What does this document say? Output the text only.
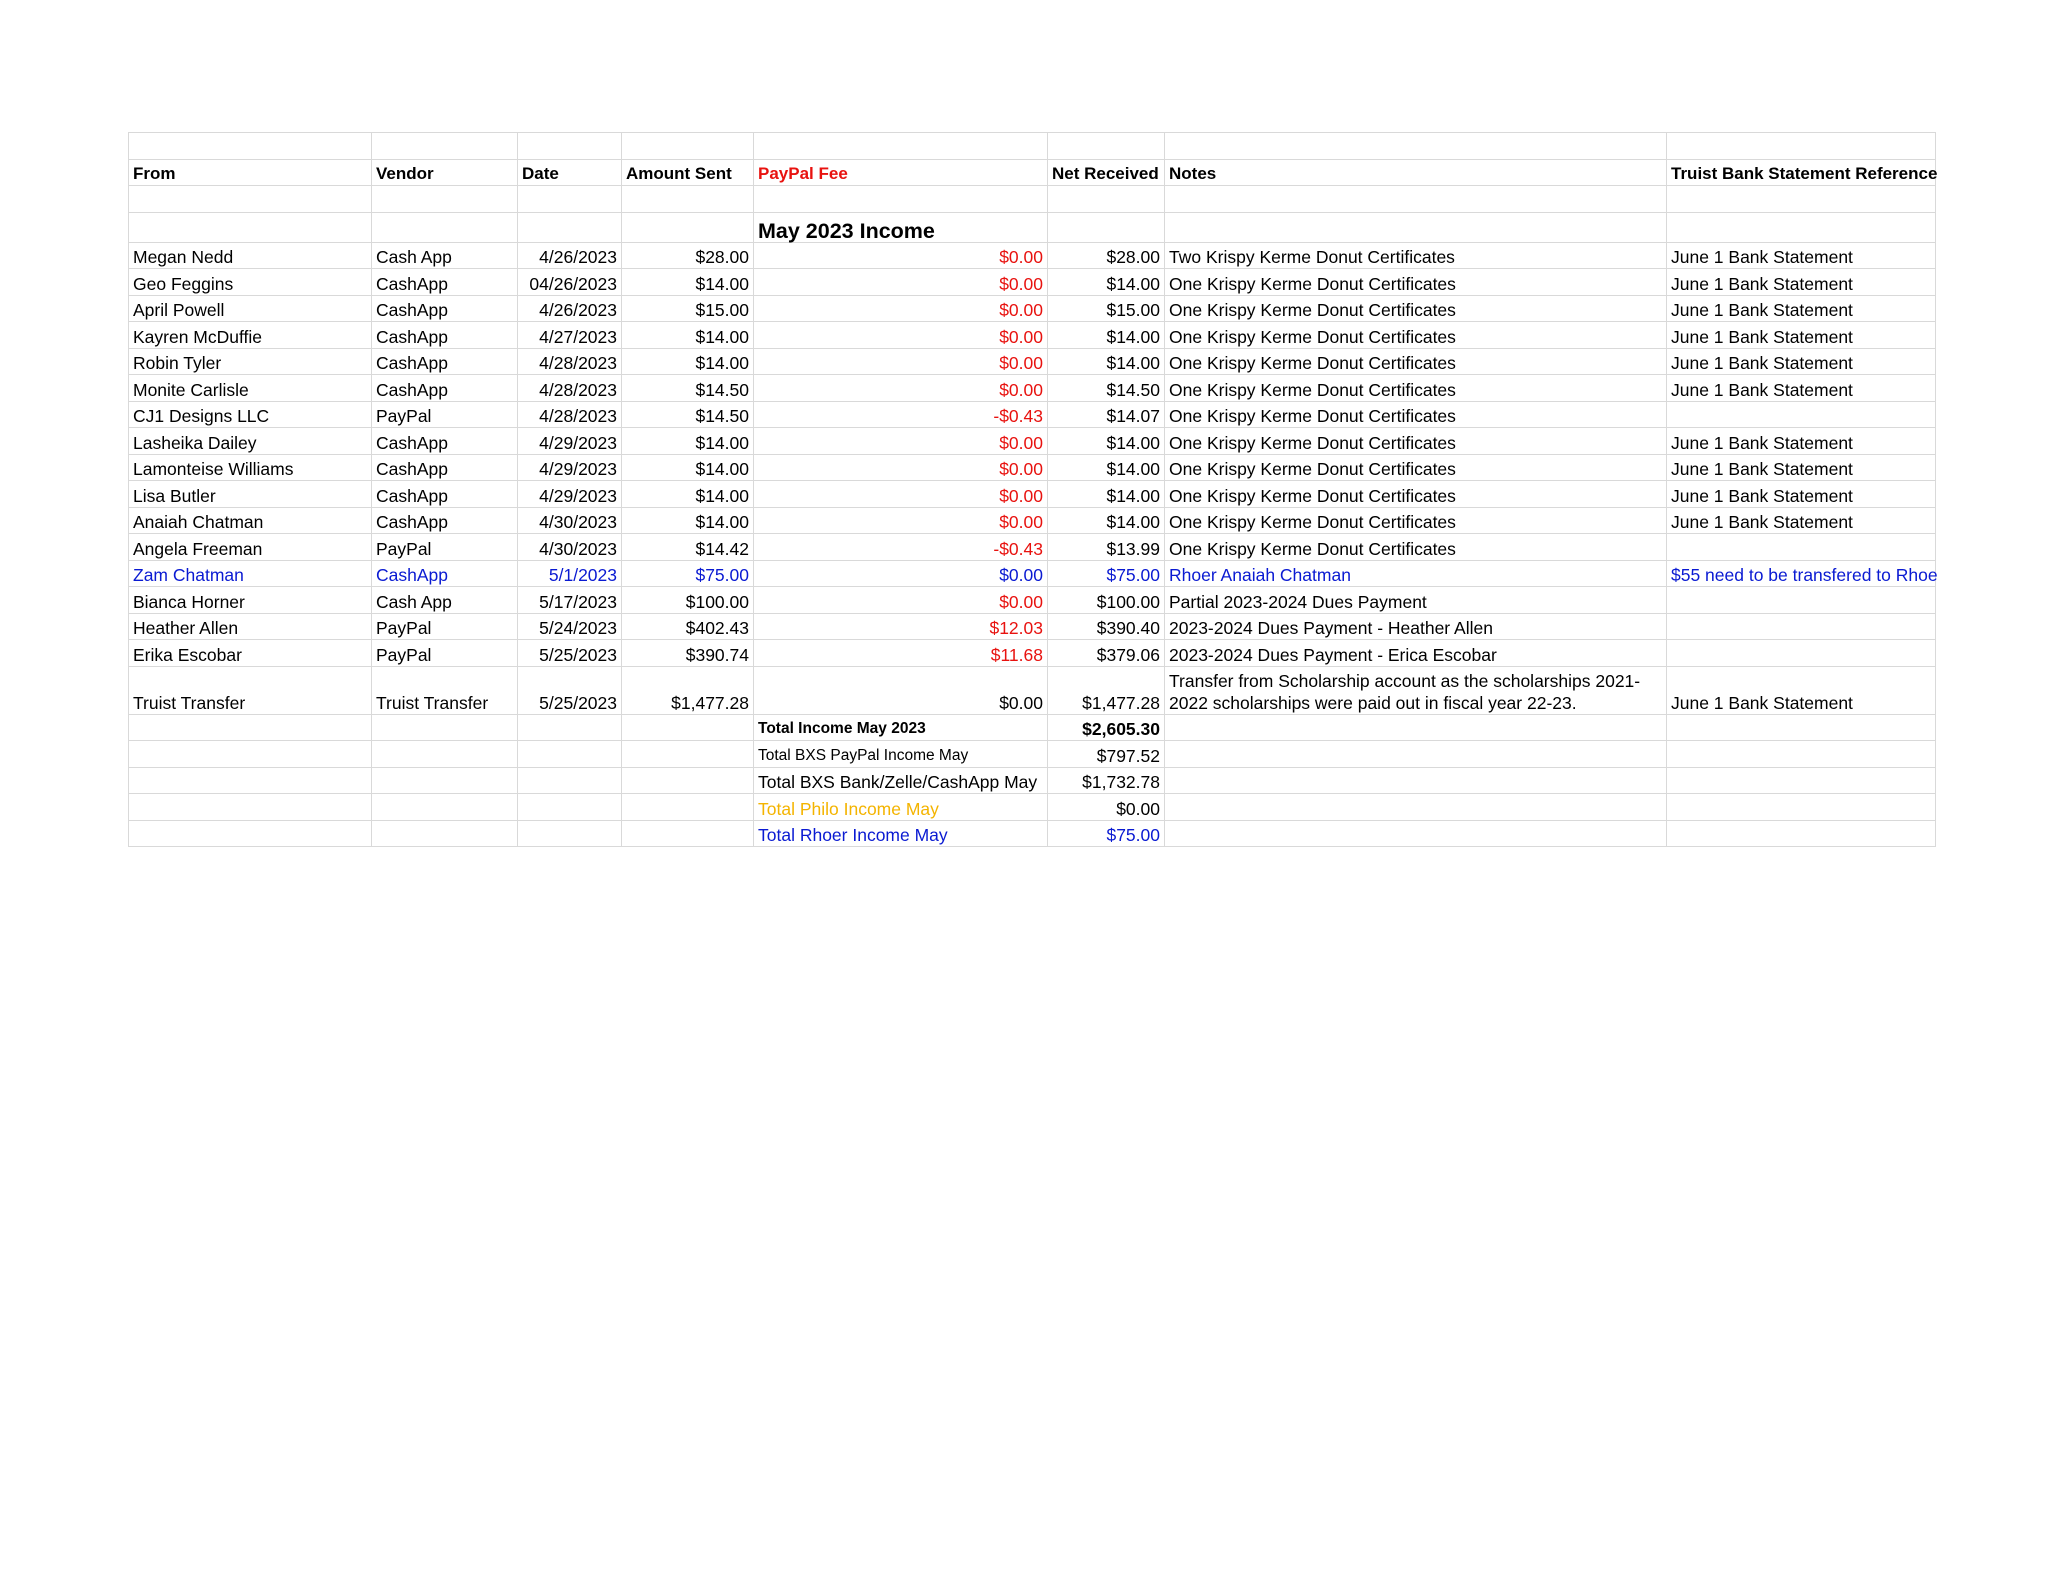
From	Vendor	Date	Amount Sent	PayPal Fee	Net Received	Notes	Truist Bank Statement Reference

				May 2023 Income			
Megan Nedd	Cash App	4/26/2023	$28.00	$0.00	$28.00	Two Krispy Kerme Donut Certificates	June 1 Bank Statement
Geo Feggins	CashApp	04/26/2023	$14.00	$0.00	$14.00	One Krispy Kerme Donut Certificates	June 1 Bank Statement
April Powell	CashApp	4/26/2023	$15.00	$0.00	$15.00	One Krispy Kerme Donut Certificates	June 1 Bank Statement
Kayren McDuffie	CashApp	4/27/2023	$14.00	$0.00	$14.00	One Krispy Kerme Donut Certificates	June 1 Bank Statement
Robin Tyler	CashApp	4/28/2023	$14.00	$0.00	$14.00	One Krispy Kerme Donut Certificates	June 1 Bank Statement
Monite Carlisle	CashApp	4/28/2023	$14.50	$0.00	$14.50	One Krispy Kerme Donut Certificates	June 1 Bank Statement
CJ1 Designs LLC	PayPal	4/28/2023	$14.50	-$0.43	$14.07	One Krispy Kerme Donut Certificates	
Lasheika Dailey	CashApp	4/29/2023	$14.00	$0.00	$14.00	One Krispy Kerme Donut Certificates	June 1 Bank Statement
Lamonteise Williams	CashApp	4/29/2023	$14.00	$0.00	$14.00	One Krispy Kerme Donut Certificates	June 1 Bank Statement
Lisa Butler	CashApp	4/29/2023	$14.00	$0.00	$14.00	One Krispy Kerme Donut Certificates	June 1 Bank Statement
Anaiah Chatman	CashApp	4/30/2023	$14.00	$0.00	$14.00	One Krispy Kerme Donut Certificates	June 1 Bank Statement
Angela Freeman	PayPal	4/30/2023	$14.42	-$0.43	$13.99	One Krispy Kerme Donut Certificates	
Zam Chatman	CashApp	5/1/2023	$75.00	$0.00	$75.00	Rhoer Anaiah Chatman	$55 need to be transfered to Rhoe
Bianca Horner	Cash App	5/17/2023	$100.00	$0.00	$100.00	Partial 2023-2024 Dues Payment	
Heather Allen	PayPal	5/24/2023	$402.43	$12.03	$390.40	2023-2024 Dues Payment - Heather Allen	
Erika Escobar	PayPal	5/25/2023	$390.74	$11.68	$379.06	2023-2024 Dues Payment - Erica Escobar	
Truist Transfer	Truist Transfer	5/25/2023	$1,477.28	$0.00	$1,477.28	Transfer from Scholarship account as the scholarships 2021-2022 scholarships were paid out in fiscal year 22-23.	June 1 Bank Statement
				Total Income May 2023	$2,605.30		
				Total BXS PayPal Income May	$797.52		
				Total BXS Bank/Zelle/CashApp May	$1,732.78		
				Total Philo Income May	$0.00		
				Total Rhoer Income May	$75.00		
